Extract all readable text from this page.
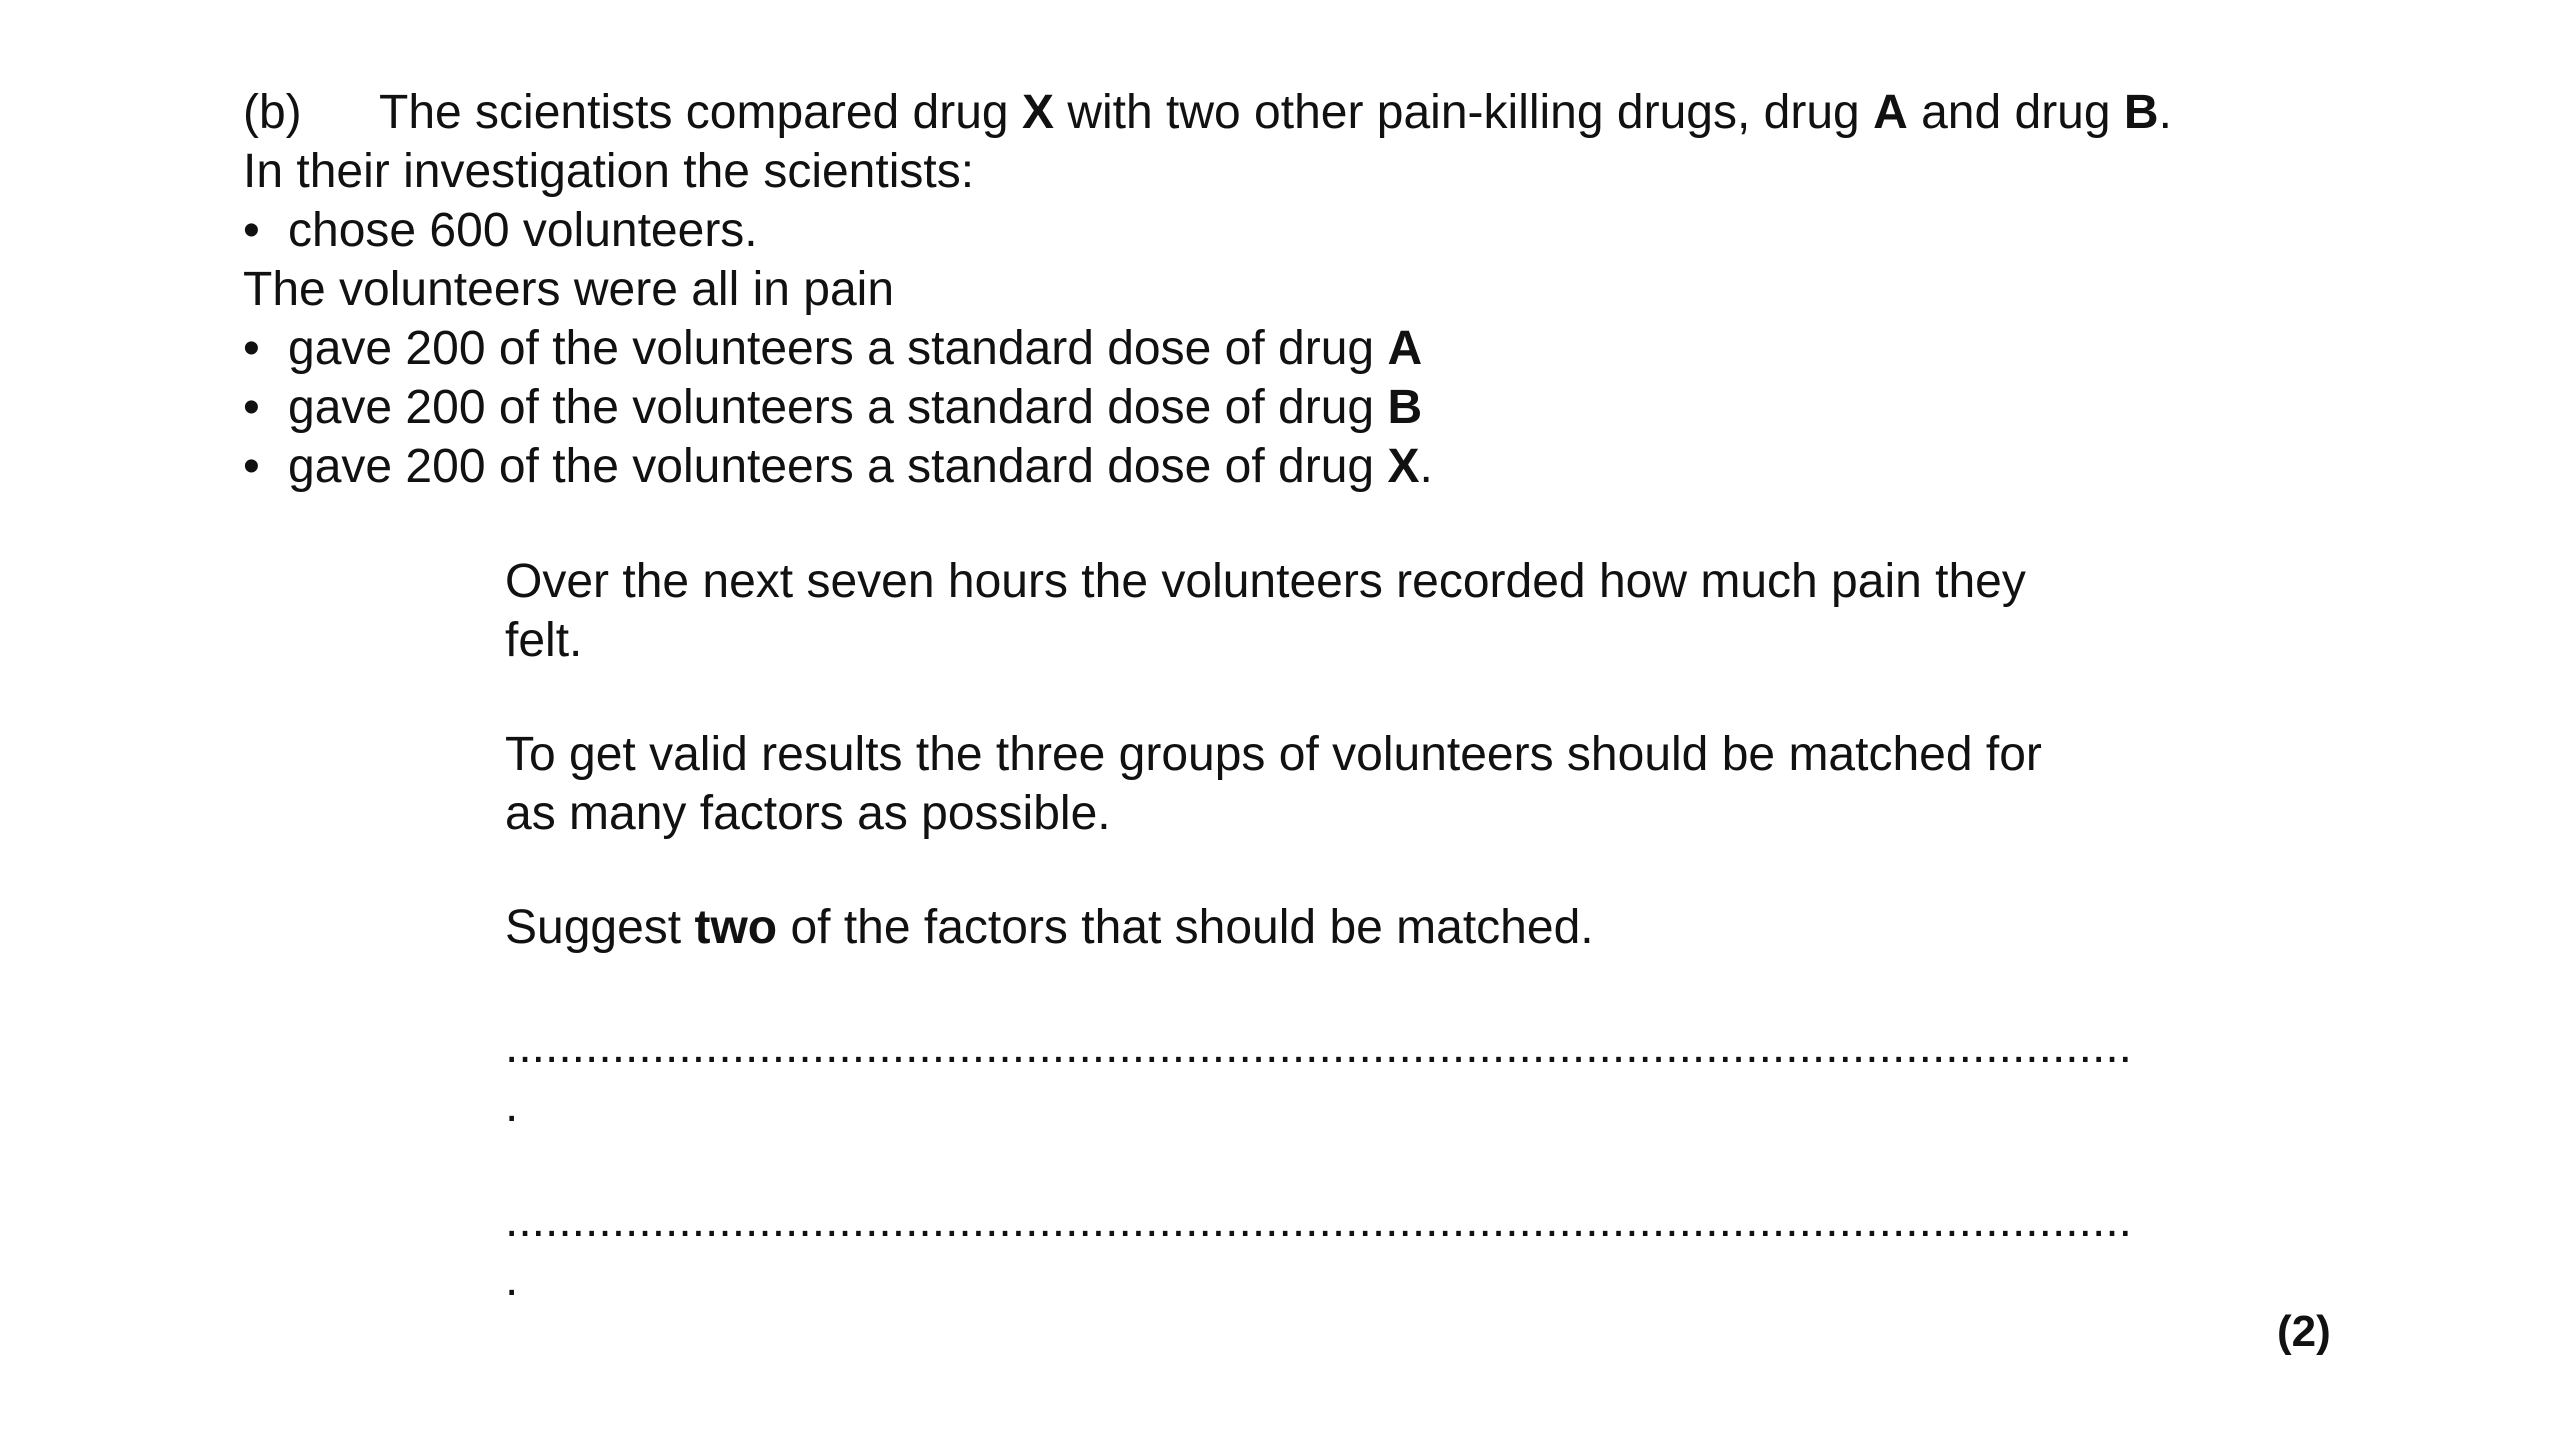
(b) The scientists compared drug X with two other pain-killing drugs, drug A and drug B.
In their investigation the scientists:
• chose 600 volunteers.
The volunteers were all in pain
• gave 200 of the volunteers a standard dose of drug A
• gave 200 of the volunteers a standard dose of drug B
• gave 200 of the volunteers a standard dose of drug X.
Over the next seven hours the volunteers recorded how much pain they
felt.
To get valid results the three groups of volunteers should be matched for
as many factors as possible.
Suggest two of the factors that should be matched.
..........................................................................................................................
.
..........................................................................................................................
.
(2)
